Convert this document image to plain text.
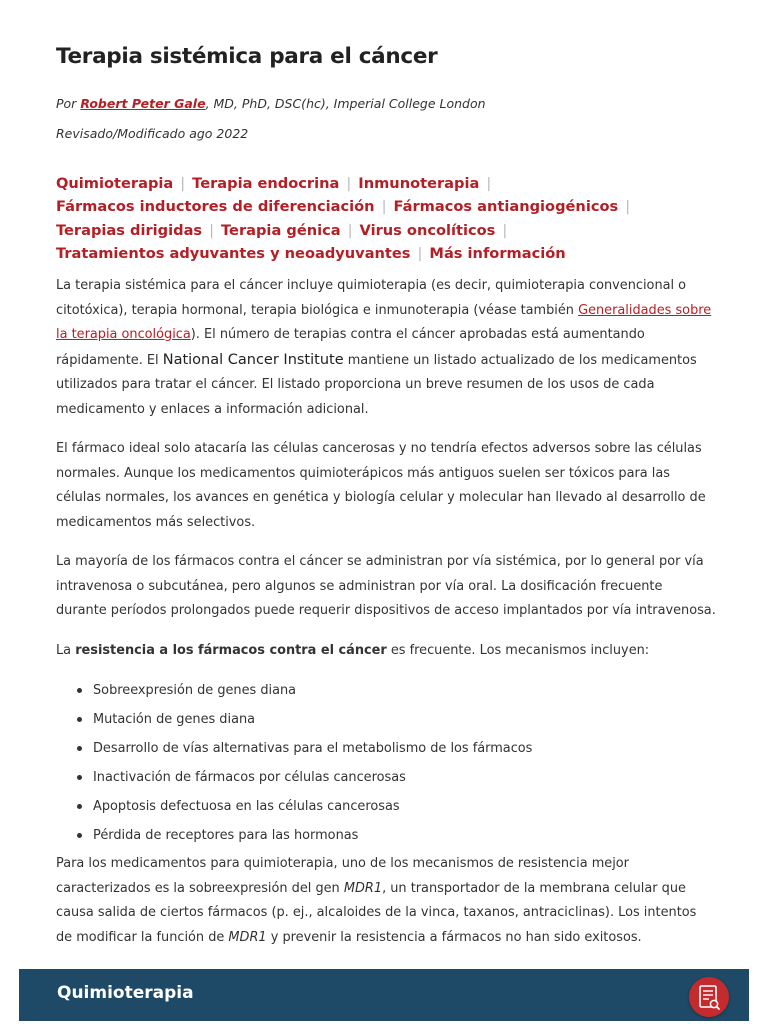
Terapia sistémica para el cáncer
Por Robert Peter Gale, MD, PhD, DSC(hc), Imperial College London
Revisado/Modificado ago 2022
Quimioterapia | Terapia endocrina | Inmunoterapia |
Fármacos inductores de diferenciación | Fármacos antiangiogénicos |
Terapias dirigidas | Terapia génica | Virus oncolíticos |
Tratamientos adyuvantes y neoadyuvantes | Más información

La terapia sistémica para el cáncer incluye quimioterapia (es decir, quimioterapia convencional o citotóxica), terapia hormonal, terapia biológica e inmunoterapia (véase también Generalidades sobre la terapia oncológica). El número de terapias contra el cáncer aprobadas está aumentando rápidamente. El National Cancer Institute mantiene un listado actualizado de los medicamentos utilizados para tratar el cáncer. El listado proporciona un breve resumen de los usos de cada medicamento y enlaces a información adicional.

El fármaco ideal solo atacaría las células cancerosas y no tendría efectos adversos sobre las células normales. Aunque los medicamentos quimioterápicos más antiguos suelen ser tóxicos para las células normales, los avances en genética y biología celular y molecular han llevado al desarrollo de medicamentos más selectivos.

La mayoría de los fármacos contra el cáncer se administran por vía sistémica, por lo general por vía intravenosa o subcutánea, pero algunos se administran por vía oral. La dosificación frecuente durante períodos prolongados puede requerir dispositivos de acceso implantados por vía intravenosa.

La resistencia a los fármacos contra el cáncer es frecuente. Los mecanismos incluyen:

Sobreexpresión de genes diana
Mutación de genes diana
Desarrollo de vías alternativas para el metabolismo de los fármacos
Inactivación de fármacos por células cancerosas
Apoptosis defectuosa en las células cancerosas
Pérdida de receptores para las hormonas

Para los medicamentos para quimioterapia, uno de los mecanismos de resistencia mejor caracterizados es la sobreexpresión del gen MDR1, un transportador de la membrana celular que causa salida de ciertos fármacos (p. ej., alcaloides de la vinca, taxanos, antraciclinas). Los intentos de modificar la función de MDR1 y prevenir la resistencia a fármacos no han sido exitosos.

Quimioterapia
